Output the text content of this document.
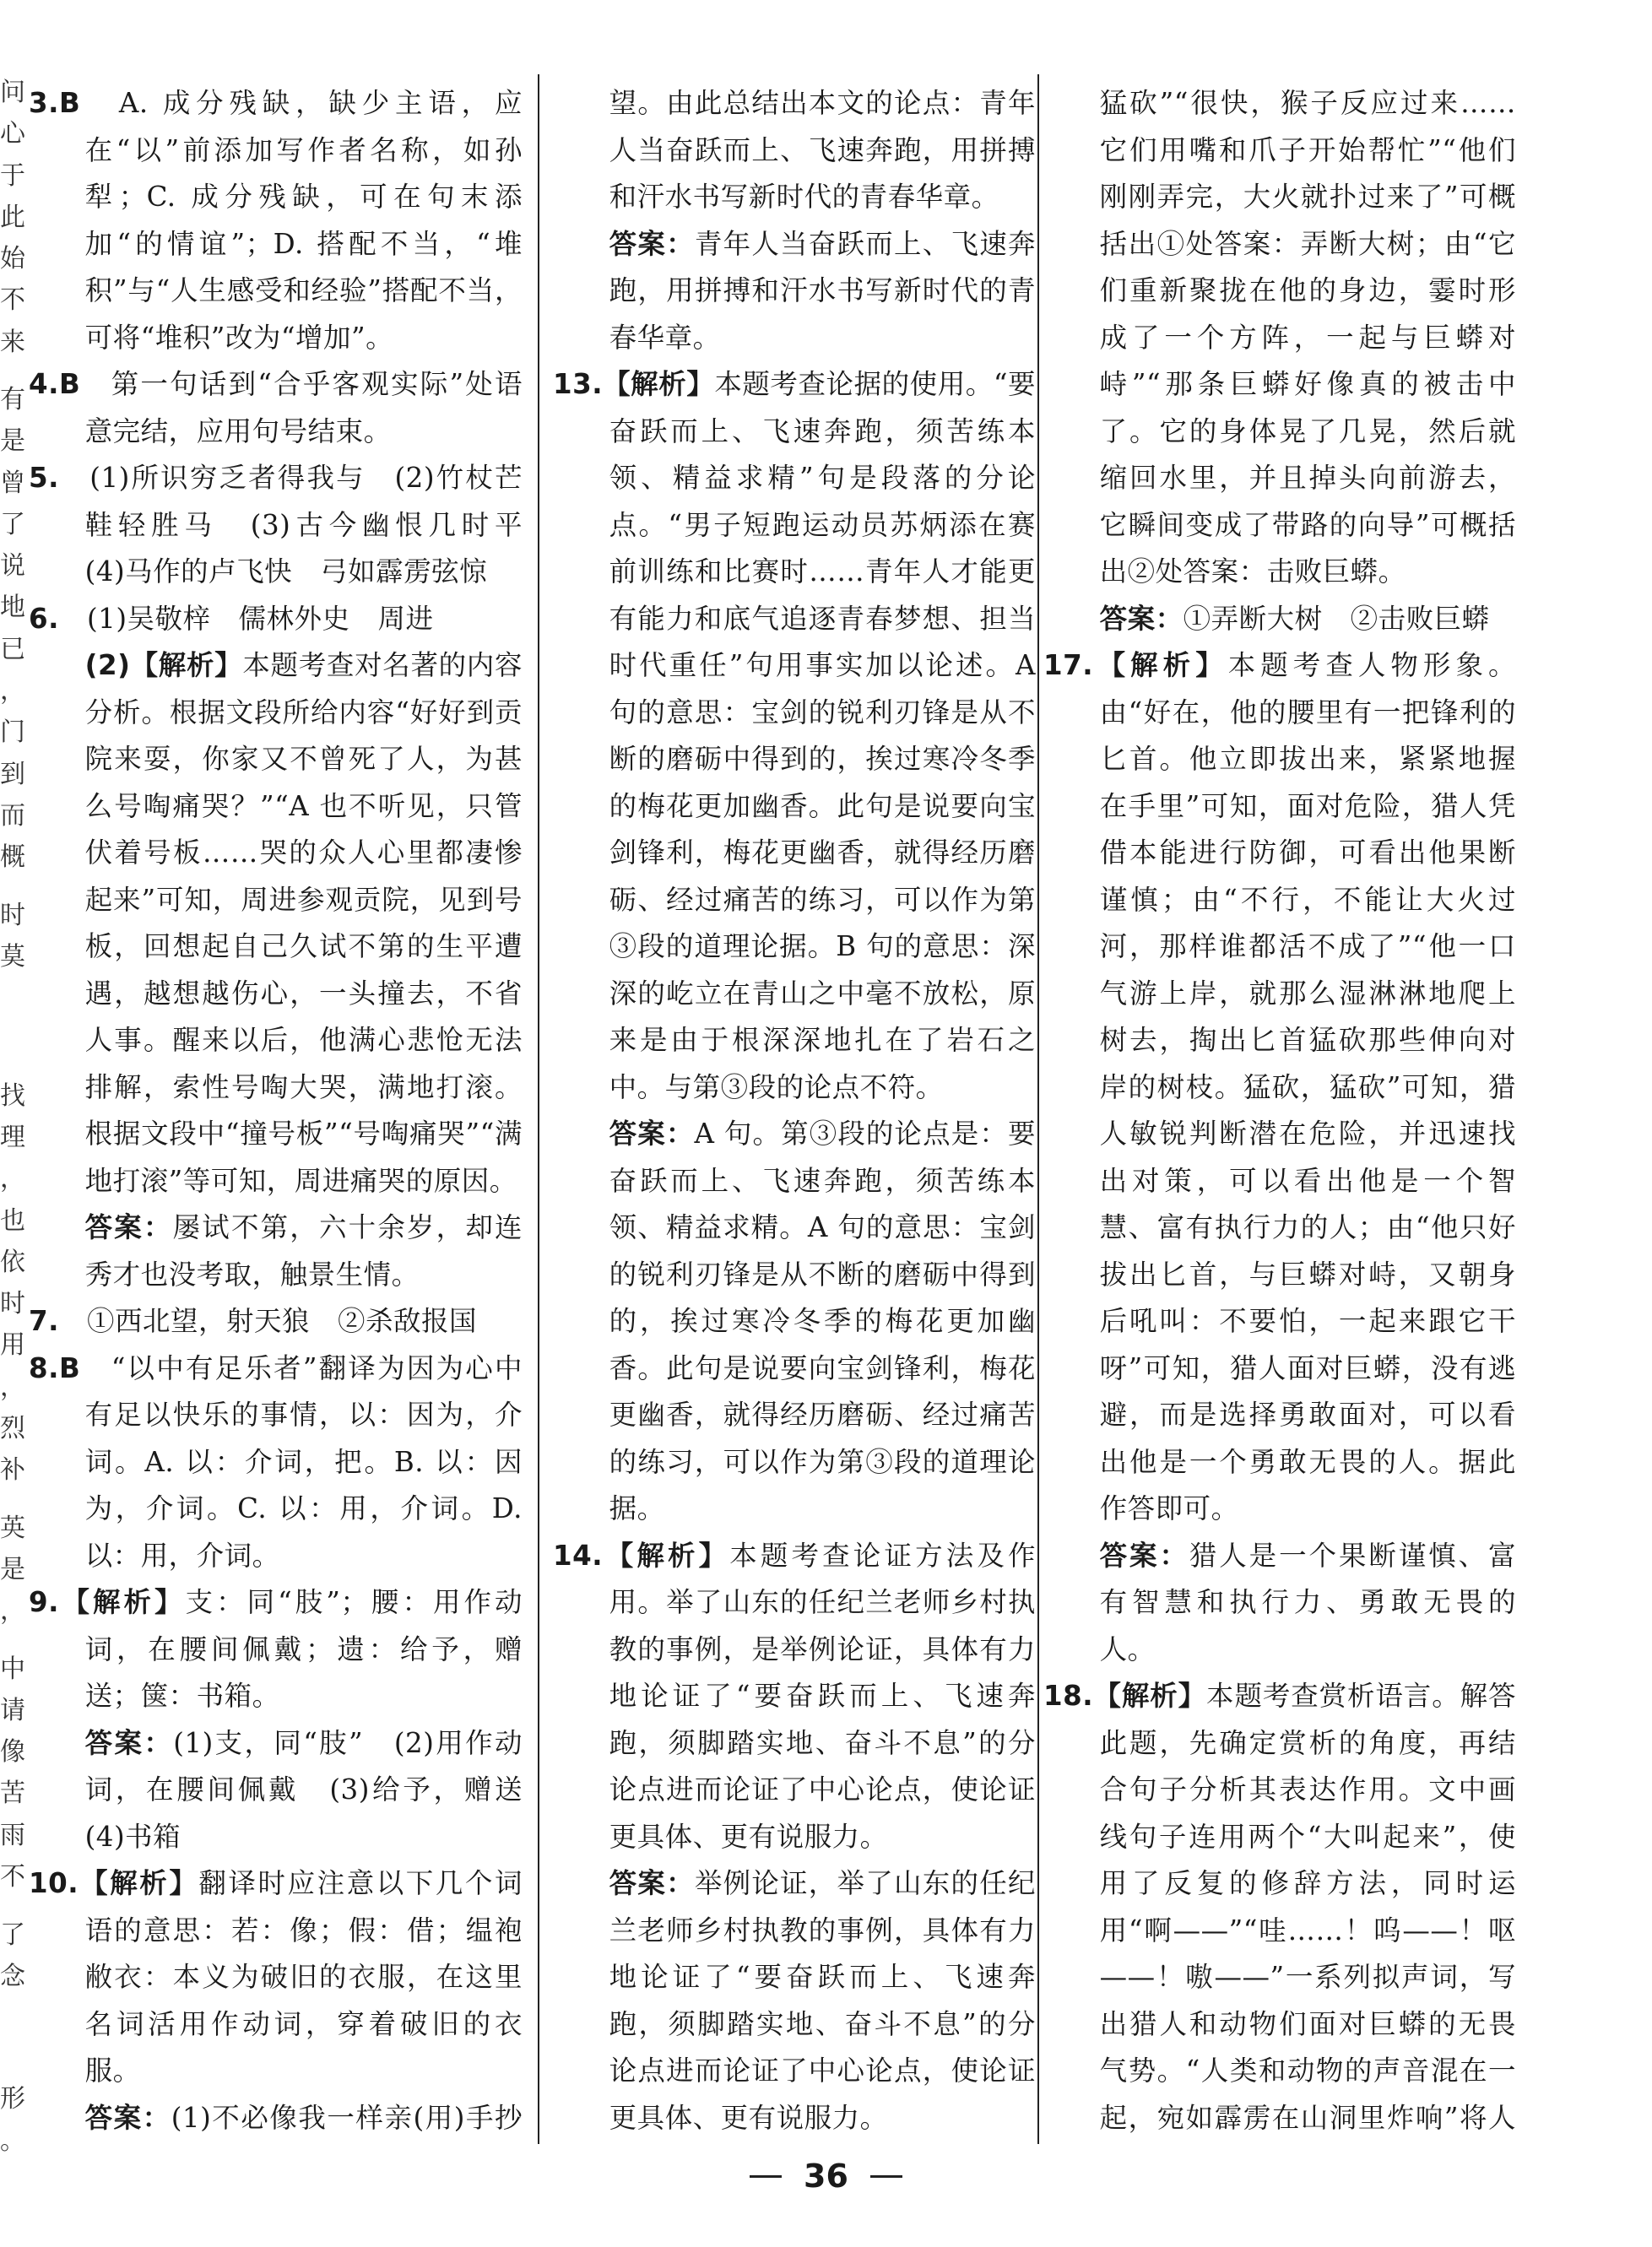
问
心
于
此
始
不
来
有
是
曾
了
说
地
已
，
门
到
而
概
时
莫
找
理
，
也
依
时
用
，
烈
补
英
是
，
中
请
像
苦
雨
不
了
念
形
。

3.B　 A. 成分残缺，缺少主语，应在“以”前添加写作者名称，如孙犁；C. 成分残缺，可在句末添加“的情谊”；D. 搭配不当，“堆积”与“人生感受和经验”搭配不当，可将“堆积”改为“增加”。

4.B　 第一句话到“合乎客观实际”处语意完结，应用句号结束。

5.　 (1)所识穷乏者得我与　(2)竹杖芒鞋轻胜马　(3)古今幽恨几时平　(4)马作的卢飞快　弓如霹雳弦惊

6.　 (1)吴敬梓　儒林外史　周进

(2)【解析】本题考查对名著的内容分析。根据文段所给内容“好好到贡院来耍，你家又不曾死了人，为甚么号啕痛哭？”“A 也不听见，只管伏着号板……哭的众人心里都凄惨起来”可知，周进参观贡院，见到号板，回想起自己久试不第的生平遭遇，越想越伤心，一头撞去，不省人事。醒来以后，他满心悲怆无法排解，索性号啕大哭，满地打滚。根据文段中“撞号板”“号啕痛哭”“满地打滚”等可知，周进痛哭的原因。

答案：屡试不第，六十余岁，却连秀才也没考取，触景生情。

7.　 ①西北望，射天狼　②杀敌报国

8.B　 “以中有足乐者”翻译为因为心中有足以快乐的事情，以：因为，介词。A. 以：介词，把。B. 以：因为，介词。C. 以：用，介词。D. 以：用，介词。

9.【解析】支：同“肢”；腰：用作动词，在腰间佩戴；遗：给予，赠送；箧：书箱。

答案：(1)支，同“肢”　(2)用作动词，在腰间佩戴　(3)给予，赠送　(4)书箱

10.【解析】翻译时应注意以下几个词语的意思：若：像；假：借；缊袍敝衣：本义为破旧的衣服，在这里名词活用作动词，穿着破旧的衣服。

答案：(1)不必像我一样亲(用)手抄

望。由此总结出本文的论点：青年人当奋跃而上、飞速奔跑，用拼搏和汗水书写新时代的青春华章。

答案：青年人当奋跃而上、飞速奔跑，用拼搏和汗水书写新时代的青春华章。

13.【解析】本题考查论据的使用。“要奋跃而上、飞速奔跑，须苦练本领、精益求精”句是段落的分论点。“男子短跑运动员苏炳添在赛前训练和比赛时……青年人才能更有能力和底气追逐青春梦想、担当时代重任”句用事实加以论述。A 句的意思：宝剑的锐利刃锋是从不断的磨砺中得到的，挨过寒冷冬季的梅花更加幽香。此句是说要向宝剑锋利，梅花更幽香，就得经历磨砺、经过痛苦的练习，可以作为第③段的道理论据。B 句的意思：深深的屹立在青山之中毫不放松，原来是由于根深深地扎在了岩石之中。与第③段的论点不符。

答案：A 句。第③段的论点是：要奋跃而上、飞速奔跑，须苦练本领、精益求精。A 句的意思：宝剑的锐利刃锋是从不断的磨砺中得到的，挨过寒冷冬季的梅花更加幽香。此句是说要向宝剑锋利，梅花更幽香，就得经历磨砺、经过痛苦的练习，可以作为第③段的道理论据。

14.【解析】本题考查论证方法及作用。举了山东的任纪兰老师乡村执教的事例，是举例论证，具体有力地论证了“要奋跃而上、飞速奔跑，须脚踏实地、奋斗不息”的分论点进而论证了中心论点，使论证更具体、更有说服力。

答案：举例论证，举了山东的任纪兰老师乡村执教的事例，具体有力地论证了“要奋跃而上、飞速奔跑，须脚踏实地、奋斗不息”的分论点进而论证了中心论点，使论证更具体、更有说服力。

猛砍”“很快，猴子反应过来……它们用嘴和爪子开始帮忙”“他们刚刚弄完，大火就扑过来了”可概括出①处答案：弄断大树；由“它们重新聚拢在他的身边，霎时形成了一个方阵，一起与巨蟒对峙”“那条巨蟒好像真的被击中了。它的身体晃了几晃，然后就缩回水里，并且掉头向前游去，它瞬间变成了带路的向导”可概括出②处答案：击败巨蟒。

答案：①弄断大树　②击败巨蟒

17.【解析】本题考查人物形象。由“好在，他的腰里有一把锋利的匕首。他立即拔出来，紧紧地握在手里”可知，面对危险，猎人凭借本能进行防御，可看出他果断谨慎；由“不行，不能让大火过河，那样谁都活不成了”“他一口气游上岸，就那么湿淋淋地爬上树去，掏出匕首猛砍那些伸向对岸的树枝。猛砍，猛砍”可知，猎人敏锐判断潜在危险，并迅速找出对策，可以看出他是一个智慧、富有执行力的人；由“他只好拔出匕首，与巨蟒对峙，又朝身后吼叫：不要怕，一起来跟它干呀”可知，猎人面对巨蟒，没有逃避，而是选择勇敢面对，可以看出他是一个勇敢无畏的人。据此作答即可。

答案：猎人是一个果断谨慎、富有智慧和执行力、勇敢无畏的人。

18.【解析】本题考查赏析语言。解答此题，先确定赏析的角度，再结合句子分析其表达作用。文中画线句子连用两个“大叫起来”，使用了反复的修辞方法，同时运用“啊——”“哇……！呜——！呕——！嗷——”一系列拟声词，写出猎人和动物们面对巨蟒的无畏气势。“人类和动物的声音混在一起，宛如霹雳在山洞里炸响”将人

36
